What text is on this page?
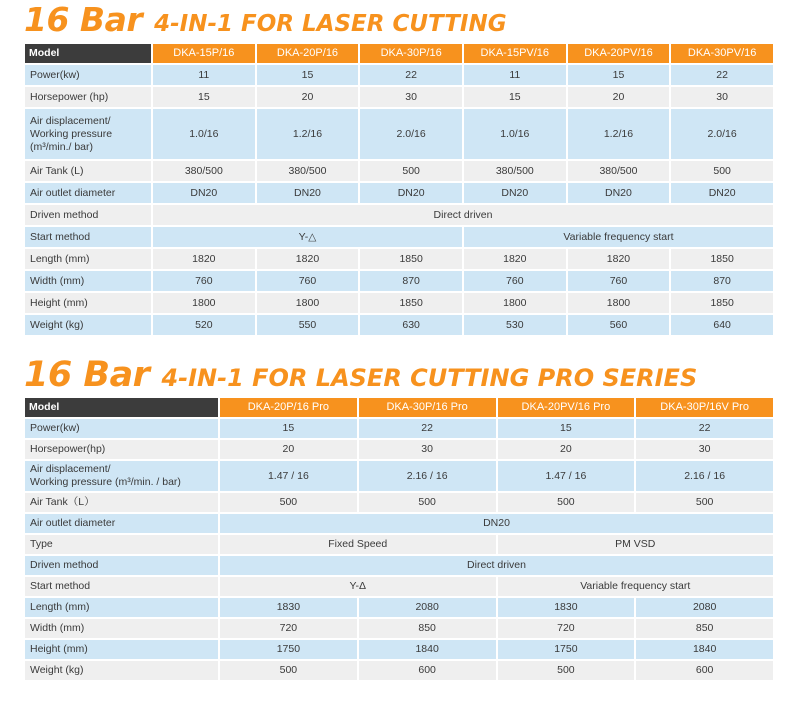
16 Bar 4-IN-1 FOR LASER CUTTING
Model	DKA-15P/16	DKA-20P/16	DKA-30P/16	DKA-15PV/16	DKA-20PV/16	DKA-30PV/16
Power(kw)	11	15	22	11	15	22
Horsepower (hp)	15	20	30	15	20	30

Air displacement/
Working pressure
(m³/min./ bar)	1.0/16	1.2/16	2.0/16	1.0/16	1.2/16	2.0/16
Air Tank (L)	380/500	380/500	500	380/500	380/500	500
Air outlet diameter	DN20	DN20	DN20	DN20	DN20	DN20
Driven method	Direct driven					
Start method	Y-△			Variable frequency start		
Length (mm)	1820	1820	1850	1820	1820	1850
Width (mm)	760	760	870	760	760	870
Height (mm)	1800	1800	1850	1800	1800	1850
Weight (kg)	520	550	630	530	560	640
16 Bar 4-IN-1 FOR LASER CUTTING PRO SERIES
Model	DKA-20P/16 Pro	DKA-30P/16 Pro	DKA-20PV/16 Pro	DKA-30P/16V Pro
Power(kw)	15	22	15	22
Horsepower(hp)	20	30	20	30

Air displacement/
Working pressure (m³/min. / bar)	1.47 / 16	2.16 / 16	1.47 / 16	2.16 / 16
Air Tank（L）	500	500	500	500
Air outlet diameter	DN20			
Type	Fixed Speed		PM VSD	
Driven method	Direct driven			
Start method	Y-Δ		Variable frequency start	
Length (mm)	1830	2080	1830	2080
Width (mm)	720	850	720	850
Height (mm)	1750	1840	1750	1840
Weight (kg)	500	600	500	600
